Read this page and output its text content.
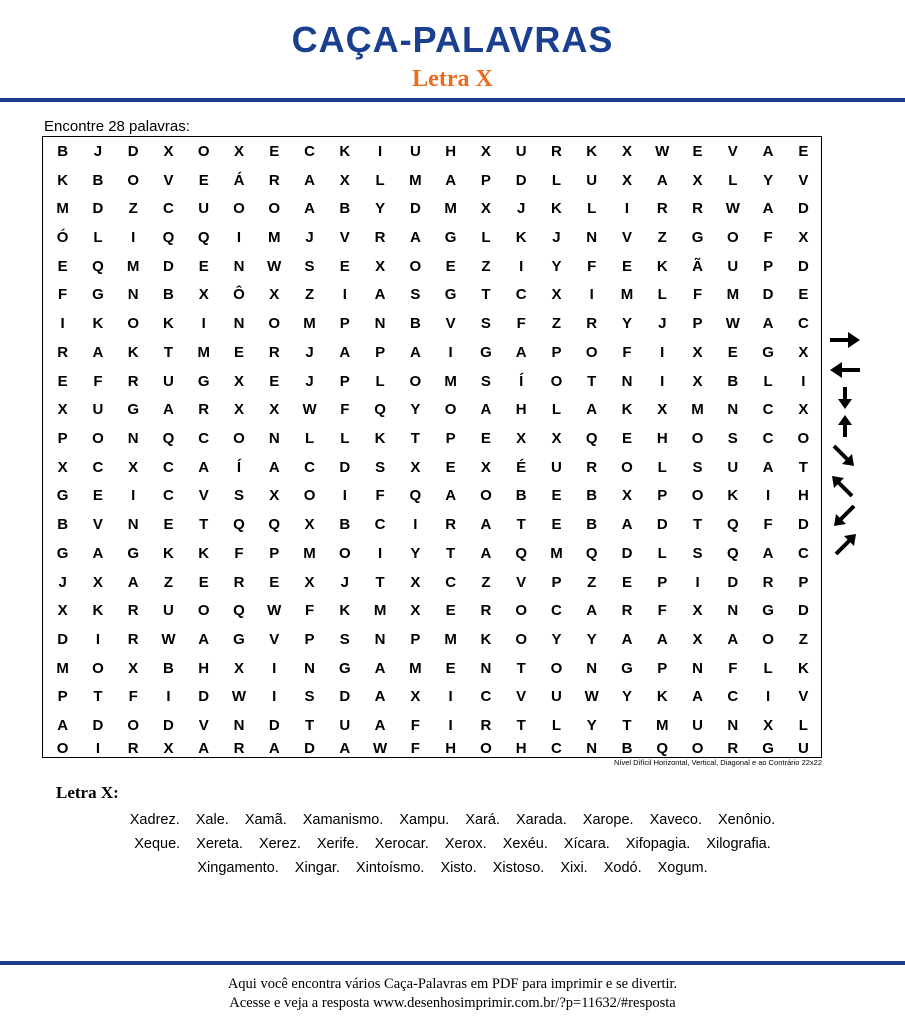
CAÇA-PALAVRAS
Letra X
Encontre 28 palavras:
B	J	D	X	O	X	E	C	K	I	U	H	X	U	R	K	X	W	E	V	A	E
K	B	O	V	E	Á	R	A	X	L	M	A	P	D	L	U	X	A	X	L	Y	V
M	D	Z	C	U	O	O	A	B	Y	D	M	X	J	K	L	I	R	R	W	A	D
Ó	L	I	Q	Q	I	M	J	V	R	A	G	L	K	J	N	V	Z	G	O	F	X
E	Q	M	D	E	N	W	S	E	X	O	E	Z	I	Y	F	E	K	Ã	U	P	D
F	G	N	B	X	Ô	X	Z	I	A	S	G	T	C	X	I	M	L	F	M	D	E
I	K	O	K	I	N	O	M	P	N	B	V	S	F	Z	R	Y	J	P	W	A	C
R	A	K	T	M	E	R	J	A	P	A	I	G	A	P	O	F	I	X	E	G	X
E	F	R	U	G	X	E	J	P	L	O	M	S	Í	O	T	N	I	X	B	L	I
X	U	G	A	R	X	X	W	F	Q	Y	O	A	H	L	A	K	X	M	N	C	X
P	O	N	Q	C	O	N	L	L	K	T	P	E	X	X	Q	E	H	O	S	C	O
X	C	X	C	A	Í	A	C	D	S	X	E	X	É	U	R	O	L	S	U	A	T
G	E	I	C	V	S	X	O	I	F	Q	A	O	B	E	B	X	P	O	K	I	H
B	V	N	E	T	Q	Q	X	B	C	I	R	A	T	E	B	A	D	T	Q	F	D
G	A	G	K	K	F	P	M	O	I	Y	T	A	Q	M	Q	D	L	S	Q	A	C
J	X	A	Z	E	R	E	X	J	T	X	C	Z	V	P	Z	E	P	I	D	R	P
X	K	R	U	O	Q	W	F	K	M	X	E	R	O	C	A	R	F	X	N	G	D
D	I	R	W	A	G	V	P	S	N	P	M	K	O	Y	Y	A	A	X	A	O	Z
M	O	X	B	H	X	I	N	G	A	M	E	N	T	O	N	G	P	N	F	L	K
P	T	F	I	D	W	I	S	D	A	X	I	C	V	U	W	Y	K	A	C	I	V
A	D	O	D	V	N	D	T	U	A	F	I	R	T	L	Y	T	M	U	N	X	L
O	I	R	X	A	R	A	D	A	W	F	H	O	H	C	N	B	Q	O	R	G	U
Nível Difícil Horizontal, Vertical, Diagonal e ao Contrário 22x22
Letra X:
Xadrez. Xale. Xamã. Xamanismo. Xampu. Xará. Xarada. Xarope. Xaveco. Xenônio.
Xeque. Xereta. Xerez. Xerife. Xerocar. Xerox. Xexéu. Xícara. Xifopagia. Xilografia.
Xingamento. Xingar. Xintoísmo. Xisto. Xistoso. Xixi. Xodó. Xogum.
Aqui você encontra vários Caça-Palavras em PDF para imprimir e se divertir.
Acesse e veja a resposta www.desenhosimprimir.com.br/?p=11632/#resposta
